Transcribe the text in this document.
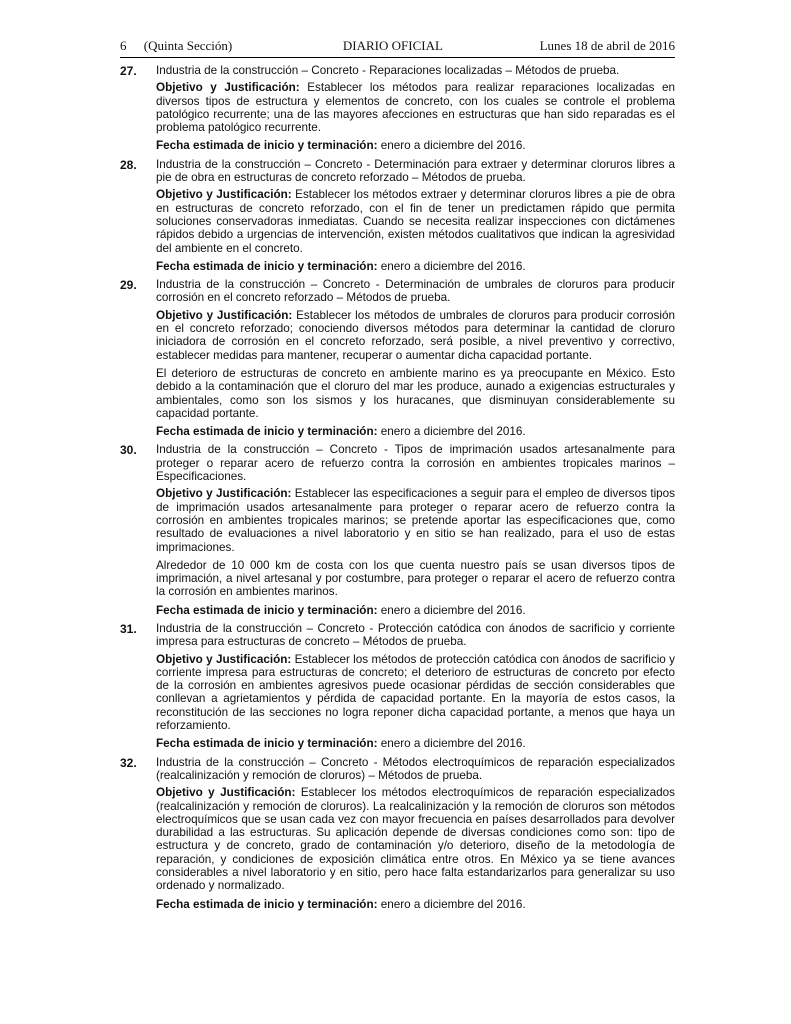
6 (Quinta Sección)	DIARIO OFICIAL	Lunes 18 de abril de 2016
27.	Industria de la construcción – Concreto - Reparaciones localizadas – Métodos de prueba.

Objetivo y Justificación: Establecer los métodos para realizar reparaciones localizadas en diversos tipos de estructura y elementos de concreto, con los cuales se controle el problema patológico recurrente; una de las mayores afecciones en estructuras que han sido reparadas es el problema patológico recurrente.

Fecha estimada de inicio y terminación: enero a diciembre del 2016.

28.	Industria de la construcción – Concreto - Determinación para extraer y determinar cloruros libres a pie de obra en estructuras de concreto reforzado – Métodos de prueba.

Objetivo y Justificación: Establecer los métodos extraer y determinar cloruros libres a pie de obra en estructuras de concreto reforzado, con el fin de tener un predictamen rápido que permita soluciones conservadoras inmediatas. Cuando se necesita realizar inspecciones con dictámenes rápidos debido a urgencias de intervención, existen métodos cualitativos que indican la agresividad del ambiente en el concreto.

Fecha estimada de inicio y terminación: enero a diciembre del 2016.

29.	Industria de la construcción – Concreto - Determinación de umbrales de cloruros para producir corrosión en el concreto reforzado – Métodos de prueba.

Objetivo y Justificación: Establecer los métodos de umbrales de cloruros para producir corrosión en el concreto reforzado; conociendo diversos métodos para determinar la cantidad de cloruro iniciadora de corrosión en el concreto reforzado, será posible, a nivel preventivo y correctivo, establecer medidas para mantener, recuperar o aumentar dicha capacidad portante.

El deterioro de estructuras de concreto en ambiente marino es ya preocupante en México. Esto debido a la contaminación que el cloruro del mar les produce, aunado a exigencias estructurales y ambientales, como son los sismos y los huracanes, que disminuyan considerablemente su capacidad portante.

Fecha estimada de inicio y terminación: enero a diciembre del 2016.

30.	Industria de la construcción – Concreto - Tipos de imprimación usados artesanalmente para proteger o reparar acero de refuerzo contra la corrosión en ambientes tropicales marinos – Especificaciones.

Objetivo y Justificación: Establecer las especificaciones a seguir para el empleo de diversos tipos de imprimación usados artesanalmente para proteger o reparar acero de refuerzo contra la corrosión en ambientes tropicales marinos; se pretende aportar las especificaciones que, como resultado de evaluaciones a nivel laboratorio y en sitio se han realizado, para el uso de estas imprimaciones.

Alrededor de 10 000 km de costa con los que cuenta nuestro país se usan diversos tipos de imprimación, a nivel artesanal y por costumbre, para proteger o reparar el acero de refuerzo contra la corrosión en ambientes marinos.

Fecha estimada de inicio y terminación: enero a diciembre del 2016.

31.	Industria de la construcción – Concreto - Protección catódica con ánodos de sacrificio y corriente impresa para estructuras de concreto – Métodos de prueba.

Objetivo y Justificación: Establecer los métodos de protección catódica con ánodos de sacrificio y corriente impresa para estructuras de concreto; el deterioro de estructuras de concreto por efecto de la corrosión en ambientes agresivos puede ocasionar pérdidas de sección considerables que conllevan a agrietamientos y pérdida de capacidad portante. En la mayoría de estos casos, la reconstitución de las secciones no logra reponer dicha capacidad portante, a menos que haya un reforzamiento.

Fecha estimada de inicio y terminación: enero a diciembre del 2016.

32.	Industria de la construcción – Concreto - Métodos electroquímicos de reparación especializados (realcalinización y remoción de cloruros) – Métodos de prueba.

Objetivo y Justificación: Establecer los métodos electroquímicos de reparación especializados (realcalinización y remoción de cloruros). La realcalinización y la remoción de cloruros son métodos electroquímicos que se usan cada vez con mayor frecuencia en países desarrollados para devolver durabilidad a las estructuras. Su aplicación depende de diversas condiciones como son: tipo de estructura y de concreto, grado de contaminación y/o deterioro, diseño de la metodología de reparación, y condiciones de exposición climática entre otros. En México ya se tiene avances considerables a nivel laboratorio y en sitio, pero hace falta estandarizarlos para generalizar su uso ordenado y normalizado.

Fecha estimada de inicio y terminación: enero a diciembre del 2016.
